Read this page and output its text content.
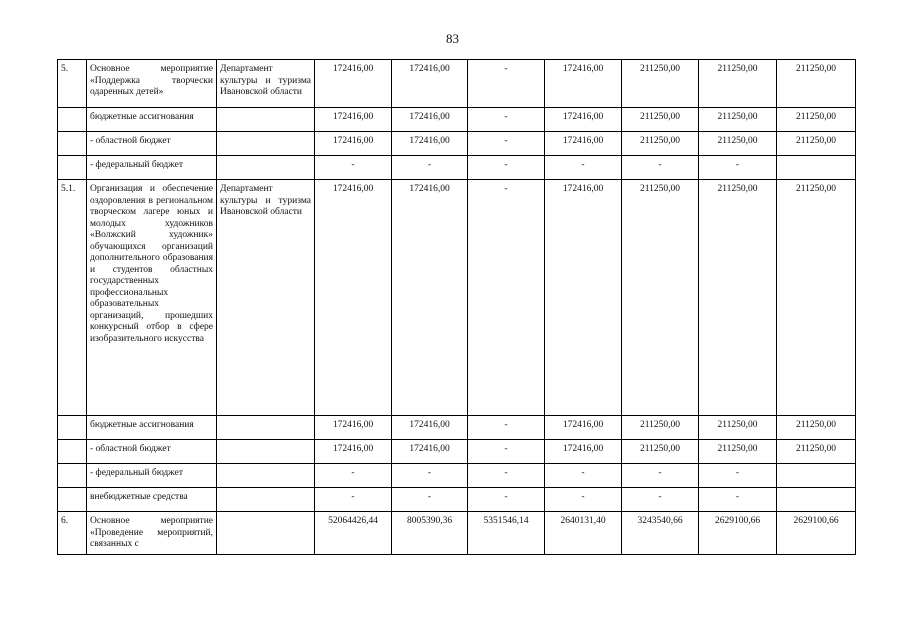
83
5.	Основное мероприятие «Поддержка творчески одаренных детей»	Департамент культуры и туризма Ивановской области	172416,00	172416,00	-	172416,00	211250,00	211250,00	211250,00
	бюджетные ассигнования		172416,00	172416,00	-	172416,00	211250,00	211250,00	211250,00
	- областной бюджет		172416,00	172416,00	-	172416,00	211250,00	211250,00	211250,00
	- федеральный бюджет		-	-	-	-	-	-	
5.1.	Организация и обеспечение оздоровления в региональном творческом лагере юных и молодых художников «Волжский художник» обучающихся организаций дополнительного образования и студентов областных государственных профессиональных образовательных организаций, прошедших конкурсный отбор в сфере изобразительного искусства	Департамент культуры и туризма Ивановской области	172416,00	172416,00	-	172416,00	211250,00	211250,00	211250,00
	бюджетные ассигнования		172416,00	172416,00	-	172416,00	211250,00	211250,00	211250,00
	- областной бюджет		172416,00	172416,00	-	172416,00	211250,00	211250,00	211250,00
	- федеральный бюджет		-	-	-	-	-	-	
	внебюджетные средства		-	-	-	-	-	-	
6.	Основное мероприятие «Проведение мероприятий, связанных с		52064426,44	8005390,36	5351546,14	2640131,40	3243540,66	2629100,66	2629100,66
